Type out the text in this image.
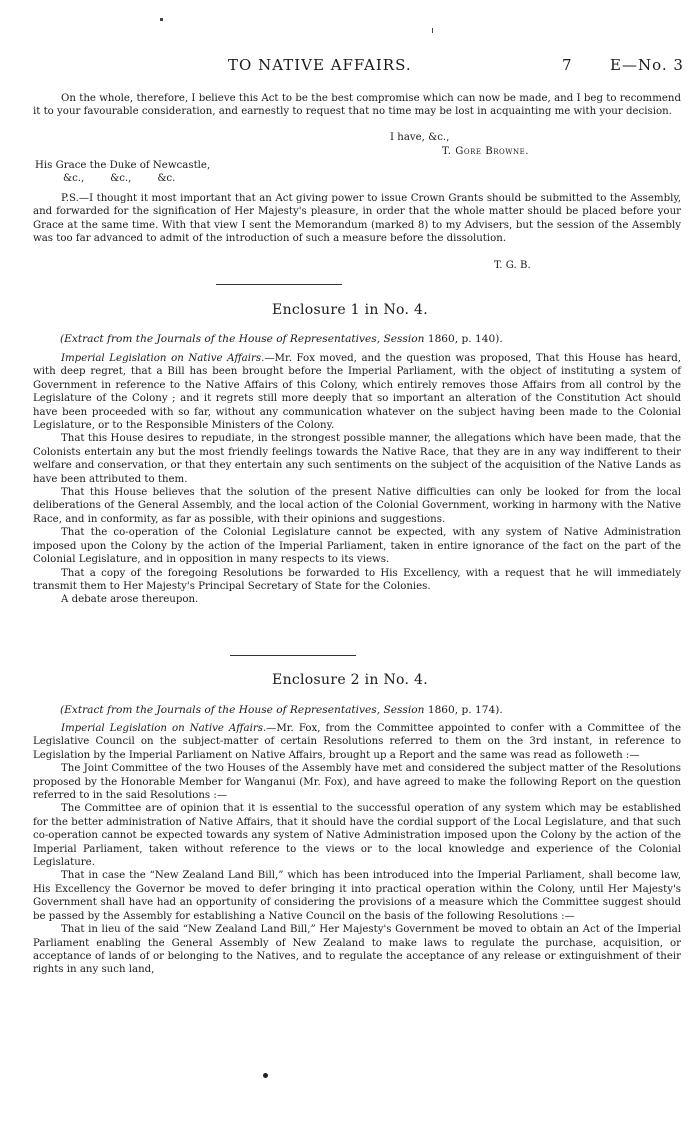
TO NATIVE AFFAIRS.	7 E—No. 3

On the whole, therefore, I believe this Act to be the best compromise which can now be made, and I beg to recommend it to your favourable consideration, and earnestly to request that no time may be lost in acquainting me with your decision.

I have, &c.,
T. Gore Browne.
His Grace the Duke of Newcastle,
&c.,        &c.,        &c.

P.S.—I thought it most important that an Act giving power to issue Crown Grants should be submitted to the Assembly, and forwarded for the signification of Her Majesty's pleasure, in order that the whole matter should be placed before your Grace at the same time. With that view I sent the Memorandum (marked 8) to my Advisers, but the session of the Assembly was too far advanced to admit of the introduction of such a measure before the dissolution.

T. G. B.
Enclosure 1 in No. 4.
(Extract from the Journals of the House of Representatives, Session 1860, p. 140).

Imperial Legislation on Native Affairs.—Mr. Fox moved, and the question was proposed, That this House has heard, with deep regret, that a Bill has been brought before the Imperial Parliament, with the object of instituting a system of Government in reference to the Native Affairs of this Colony, which entirely removes those Affairs from all control by the Legislature of the Colony ; and it regrets still more deeply that so important an alteration of the Constitution Act should have been proceeded with so far, without any communication whatever on the subject having been made to the Colonial Legislature, or to the Responsible Ministers of the Colony.

That this House desires to repudiate, in the strongest possible manner, the allegations which have been made, that the Colonists entertain any but the most friendly feelings towards the Native Race, that they are in any way indifferent to their welfare and conservation, or that they entertain any such sentiments on the subject of the acquisition of the Native Lands as have been attributed to them.

That this House believes that the solution of the present Native difficulties can only be looked for from the local deliberations of the General Assembly, and the local action of the Colonial Government, working in harmony with the Native Race, and in conformity, as far as possible, with their opinions and suggestions.

That the co-operation of the Colonial Legislature cannot be expected, with any system of Native Administration imposed upon the Colony by the action of the Imperial Parliament, taken in entire ignorance of the fact on the part of the Colonial Legislature, and in opposition in many respects to its views.

That a copy of the foregoing Resolutions be forwarded to His Excellency, with a request that he will immediately transmit them to Her Majesty's Principal Secretary of State for the Colonies.

A debate arose thereupon.

Enclosure 2 in No. 4.
(Extract from the Journals of the House of Representatives, Session 1860, p. 174).

Imperial Legislation on Native Affairs.—Mr. Fox, from the Committee appointed to confer with a Committee of the Legislative Council on the subject-matter of certain Resolutions referred to them on the 3rd instant, in reference to Legislation by the Imperial Parliament on Native Affairs, brought up a Report and the same was read as followeth :—

The Joint Committee of the two Houses of the Assembly have met and considered the subject matter of the Resolutions proposed by the Honorable Member for Wanganui (Mr. Fox), and have agreed to make the following Report on the question referred to in the said Resolutions :—

The Committee are of opinion that it is essential to the successful operation of any system which may be established for the better administration of Native Affairs, that it should have the cordial support of the Local Legislature, and that such co-operation cannot be expected towards any system of Native Administration imposed upon the Colony by the action of the Imperial Parliament, taken without reference to the views or to the local knowledge and experience of the Colonial Legislature.

That in case the “New Zealand Land Bill,” which has been introduced into the Imperial Parliament, shall become law, His Excellency the Governor be moved to defer bringing it into practical operation within the Colony, until Her Majesty's Government shall have had an opportunity of considering the provisions of a measure which the Committee suggest should be passed by the Assembly for establishing a Native Council on the basis of the following Resolutions :—

That in lieu of the said “New Zealand Land Bill,” Her Majesty's Government be moved to obtain an Act of the Imperial Parliament enabling the General Assembly of New Zealand to make laws to regulate the purchase, acquisition, or acceptance of lands of or belonging to the Natives, and to regulate the acceptance of any release or extinguishment of their rights in any such land,
